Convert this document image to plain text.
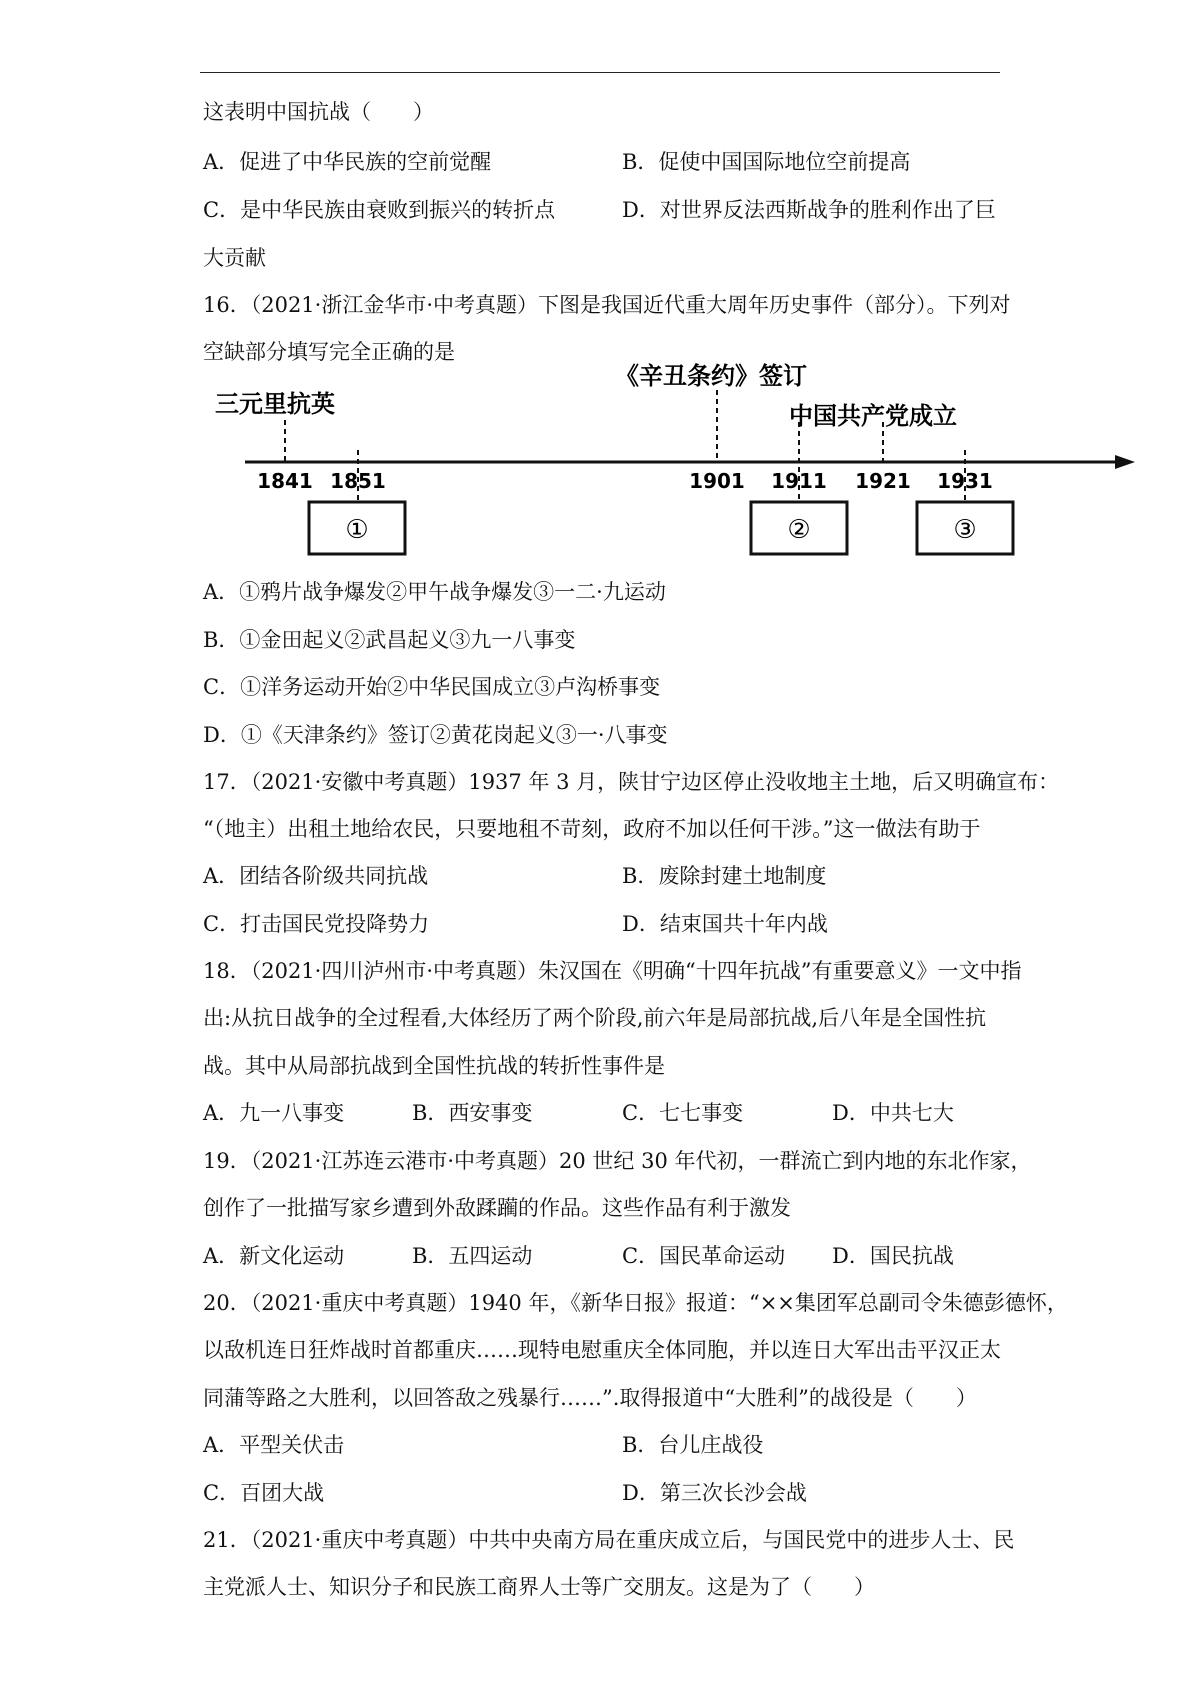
这表明中国抗战（　　）
A．促进了中华民族的空前觉醒	B．促使中国国际地位空前提高
C．是中华民族由衰败到振兴的转折点	D．对世界反法西斯战争的胜利作出了巨
大贡献
16．（2021·浙江金华市·中考真题）下图是我国近代重大周年历史事件（部分）。下列对
空缺部分填写完全正确的是
1841 1851	1901 1911 1921 1931
三元里抗英
《辛丑条约》签订
中国共产党成立
①	②	③
A．①鸦片战争爆发②甲午战争爆发③一二·九运动
B．①金田起义②武昌起义③九一八事变
C．①洋务运动开始②中华民国成立③卢沟桥事变
D．①《天津条约》签订②黄花岗起义③一·八事变
17．（2021·安徽中考真题）1937 年 3 月，陕甘宁边区停止没收地主土地，后又明确宣布：
“（地主）出租土地给农民，只要地租不苛刻，政府不加以任何干涉。”这一做法有助于
A．团结各阶级共同抗战	B．废除封建土地制度
C．打击国民党投降势力	D．结束国共十年内战
18．（2021·四川泸州市·中考真题）朱汉国在《明确“十四年抗战”有重要意义》一文中指
出:从抗日战争的全过程看,大体经历了两个阶段,前六年是局部抗战,后八年是全国性抗
战。其中从局部抗战到全国性抗战的转折性事件是
A．九一八事变	B．西安事变	C．七七事变	D．中共七大
19．（2021·江苏连云港市·中考真题）20 世纪 30 年代初，一群流亡到内地的东北作家，
创作了一批描写家乡遭到外敌蹂躏的作品。这些作品有利于激发
A．新文化运动	B．五四运动	C．国民革命运动 D．国民抗战
20．（2021·重庆中考真题）1940 年，《新华日报》报道：“××集团军总副司令朱德彭德怀，
以敌机连日狂炸战时首都重庆……现特电慰重庆全体同胞，并以连日大军出击平汉正太
同蒲等路之大胜利，以回答敌之残暴行……”.取得报道中“大胜利”的战役是（　　）
A．平型关伏击	B．台儿庄战役
C．百团大战	D．第三次长沙会战
21．（2021·重庆中考真题）中共中央南方局在重庆成立后，与国民党中的进步人士、民
主党派人士、知识分子和民族工商界人士等广交朋友。这是为了（　　）
